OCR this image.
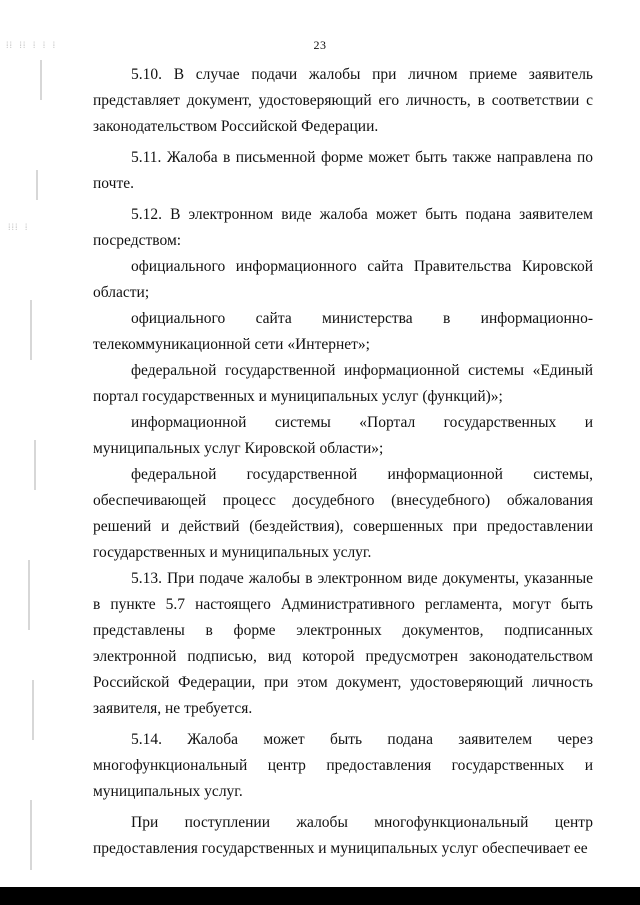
⁞⁞ ⁞⁞ ⁞ ⁞ ⁞
⁞⁞⁞ ⁞
23

5.10. В случае подачи жалобы при личном приеме заявитель представляет документ, удостоверяющий его личность, в соответствии с законодательством Российской Федерации.

5.11. Жалоба в письменной форме может быть также направлена по почте.

5.12. В электронном виде жалоба может быть подана заявителем посредством:

официального информационного сайта Правительства Кировской области;

официального сайта министерства в информационно-телекоммуникационной сети «Интернет»;

федеральной государственной информационной системы «Единый портал государственных и муниципальных услуг (функций)»;

информационной системы «Портал государственных и муниципальных услуг Кировской области»;

федеральной государственной информационной системы, обеспечивающей процесс досудебного (внесудебного) обжалования решений и действий (бездействия), совершенных при предоставлении государственных и муниципальных услуг.

5.13. При подаче жалобы в электронном виде документы, указанные в пункте 5.7 настоящего Административного регламента, могут быть представлены в форме электронных документов, подписанных электронной подписью, вид которой предусмотрен законодательством Российской Федерации, при этом документ, удостоверяющий личность заявителя, не требуется.

5.14. Жалоба может быть подана заявителем через многофункциональный центр предоставления государственных и муниципальных услуг.

При поступлении жалобы многофункциональный центр предоставления государственных и муниципальных услуг обеспечивает ее
